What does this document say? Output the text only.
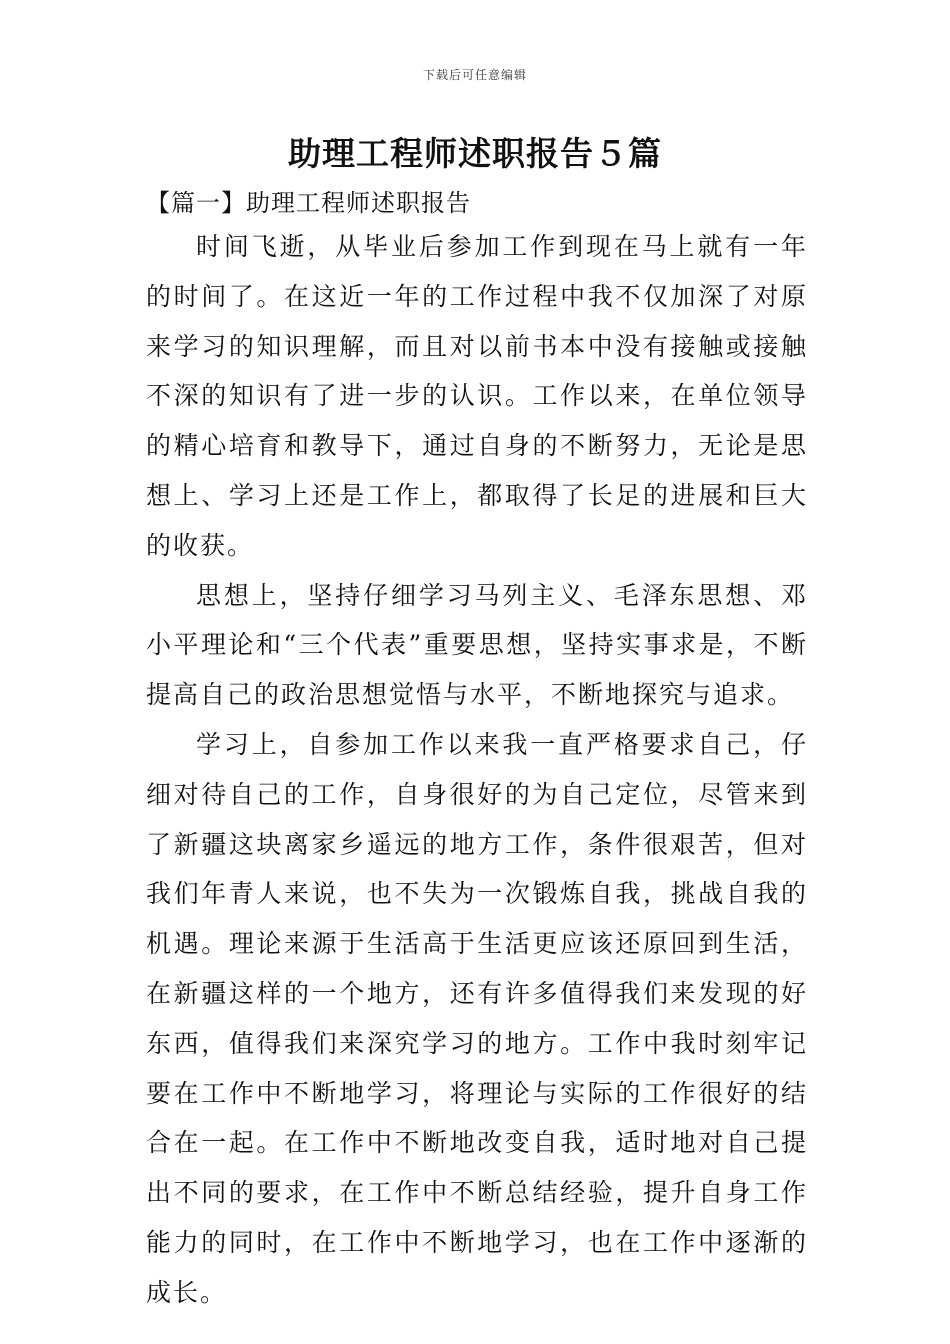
下载后可任意编辑
助理工程师述职报告５篇
【篇一】助理工程师述职报告

时间飞逝，从毕业后参加工作到现在马上就有一年的时间了。在这近一年的工作过程中我不仅加深了对原来学习的知识理解，而且对以前书本中没有接触或接触不深的知识有了进一步的认识。工作以来，在单位领导的精心培育和教导下，通过自身的不断努力，无论是思想上、学习上还是工作上，都取得了长足的进展和巨大的收获。

思想上，坚持仔细学习马列主义、毛泽东思想、邓小平理论和“三个代表”重要思想，坚持实事求是，不断提高自己的政治思想觉悟与水平，不断地探究与追求。

学习上，自参加工作以来我一直严格要求自己，仔细对待自己的工作，自身很好的为自己定位，尽管来到了新疆这块离家乡遥远的地方工作，条件很艰苦，但对我们年青人来说，也不失为一次锻炼自我，挑战自我的机遇。理论来源于生活高于生活更应该还原回到生活，在新疆这样的一个地方，还有许多值得我们来发现的好东西，值得我们来深究学习的地方。工作中我时刻牢记要在工作中不断地学习，将理论与实际的工作很好的结合在一起。在工作中不断地改变自我，适时地对自己提出不同的要求，在工作中不断总结经验，提升自身工作能力的同时，在工作中不断地学习，也在工作中逐渐的成长。
